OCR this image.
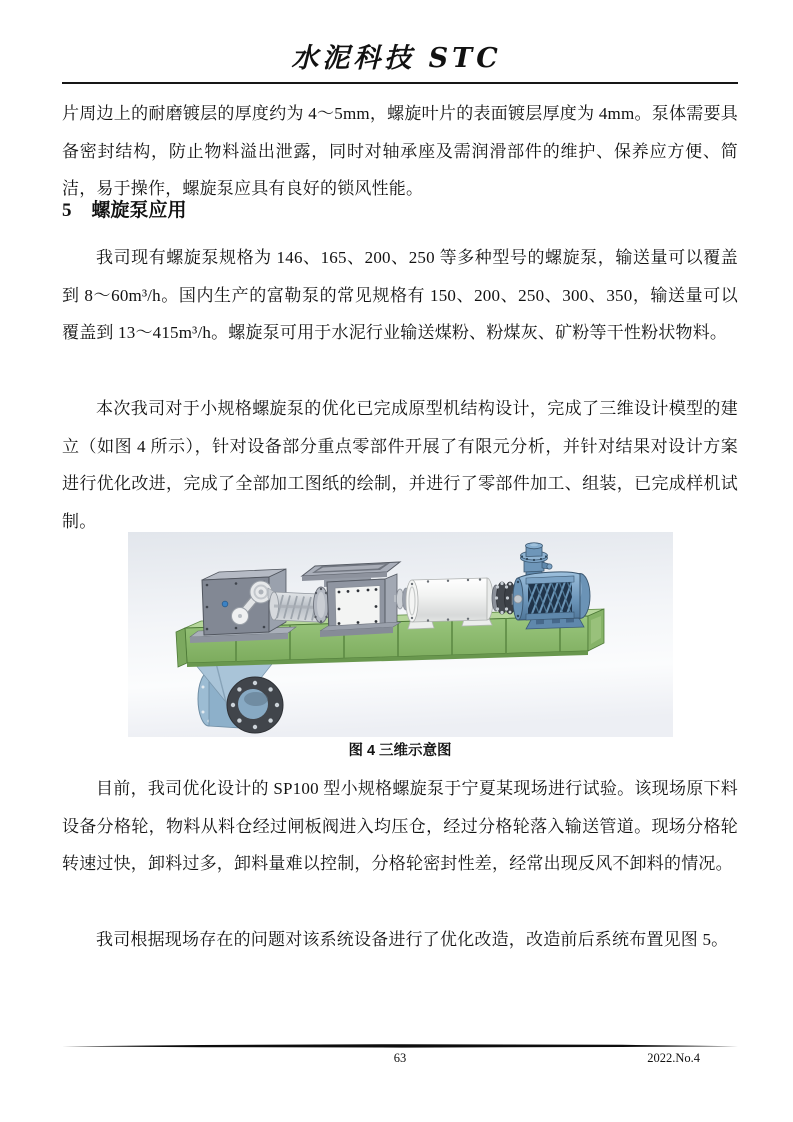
水泥科技 STC

片周边上的耐磨镀层的厚度约为 4～5mm，螺旋叶片的表面镀层厚度为 4mm。泵体需要具备密封结构，防止物料溢出泄露，同时对轴承座及需润滑部件的维护、保养应方便、简洁，易于操作，螺旋泵应具有良好的锁风性能。

5 螺旋泵应用

我司现有螺旋泵规格为 146、165、200、250 等多种型号的螺旋泵，输送量可以覆盖到 8～60m³/h。国内生产的富勒泵的常见规格有 150、200、250、300、350，输送量可以覆盖到 13～415m³/h。螺旋泵可用于水泥行业输送煤粉、粉煤灰、矿粉等干性粉状物料。

本次我司对于小规格螺旋泵的优化已完成原型机结构设计，完成了三维设计模型的建立（如图 4 所示），针对设备部分重点零部件开展了有限元分析，并针对结果对设计方案进行优化改进，完成了全部加工图纸的绘制，并进行了零部件加工、组装，已完成样机试制。

图 4 三维示意图

目前，我司优化设计的 SP100 型小规格螺旋泵于宁夏某现场进行试验。该现场原下料设备分格轮，物料从料仓经过闸板阀进入均压仓，经过分格轮落入输送管道。现场分格轮转速过快，卸料过多，卸料量难以控制，分格轮密封性差，经常出现反风不卸料的情况。

我司根据现场存在的问题对该系统设备进行了优化改造，改造前后系统布置见图 5。

63	2022.No.4
